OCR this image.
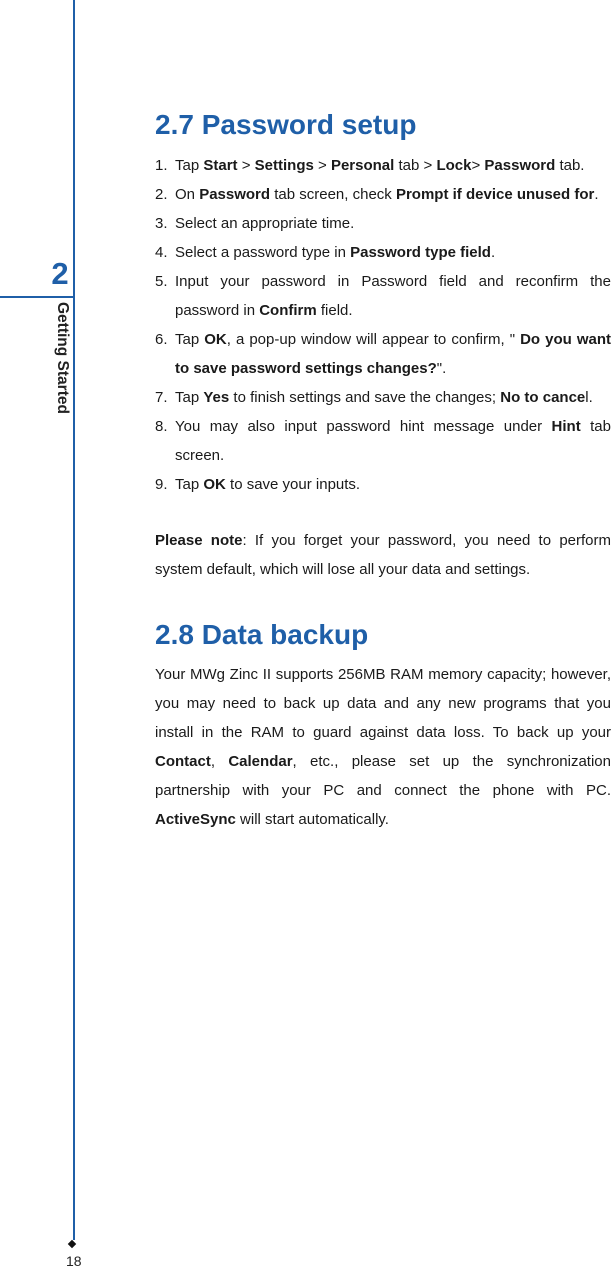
2
Getting Started
18
2.7 Password setup
1. Tap Start > Settings > Personal tab > Lock> Password tab.
2. On Password tab screen, check Prompt if device unused for.
3. Select an appropriate time.
4. Select a password type in Password type field.
5. Input your password in Password field and reconfirm the password in Confirm field.
6. Tap OK, a pop-up window will appear to confirm, " Do you want to save password settings changes?".
7. Tap Yes to finish settings and save the changes; No to cancel.
8. You may also input password hint message under Hint tab screen.
9. Tap OK to save your inputs.

Please note: If you forget your password, you need to perform system default, which will lose all your data and settings.

2.8 Data backup

Your MWg Zinc II supports 256MB RAM memory capacity; however, you may need to back up data and any new programs that you install in the RAM to guard against data loss. To back up your Contact, Calendar, etc., please set up the synchronization partnership with your PC and connect the phone with PC. ActiveSync will start automatically.
